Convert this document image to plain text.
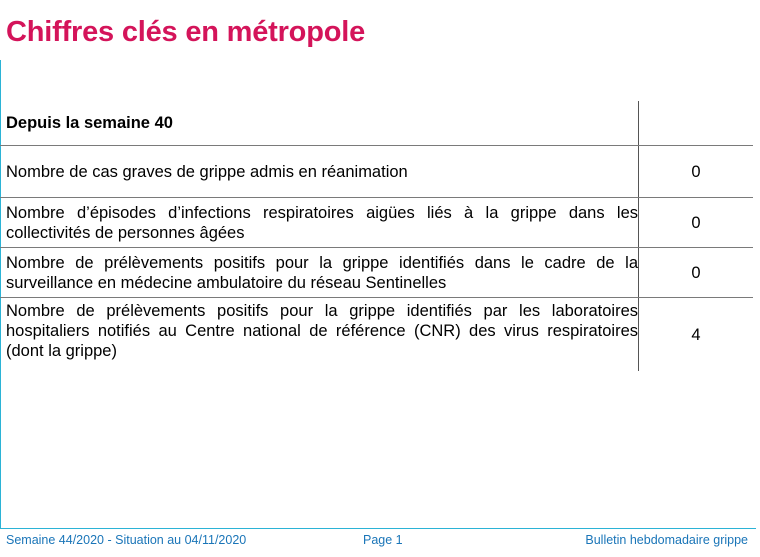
Chiffres clés en métropole
Depuis la semaine 40	
Nombre de cas graves de grippe admis en réanimation	0
Nombre d’épisodes d’infections respiratoires aigües liés à la grippe dans les collectivités de personnes âgées	0
Nombre de prélèvements positifs pour la grippe identifiés dans le cadre de la surveillance en médecine ambulatoire du réseau Sentinelles	0
Nombre de prélèvements positifs pour la grippe identifiés par les laboratoires hospitaliers notifiés au Centre national de référence (CNR) des virus respiratoires (dont la grippe)	4
Semaine 44/2020 - Situation au 04/11/2020	Page 1	Bulletin hebdomadaire grippe
